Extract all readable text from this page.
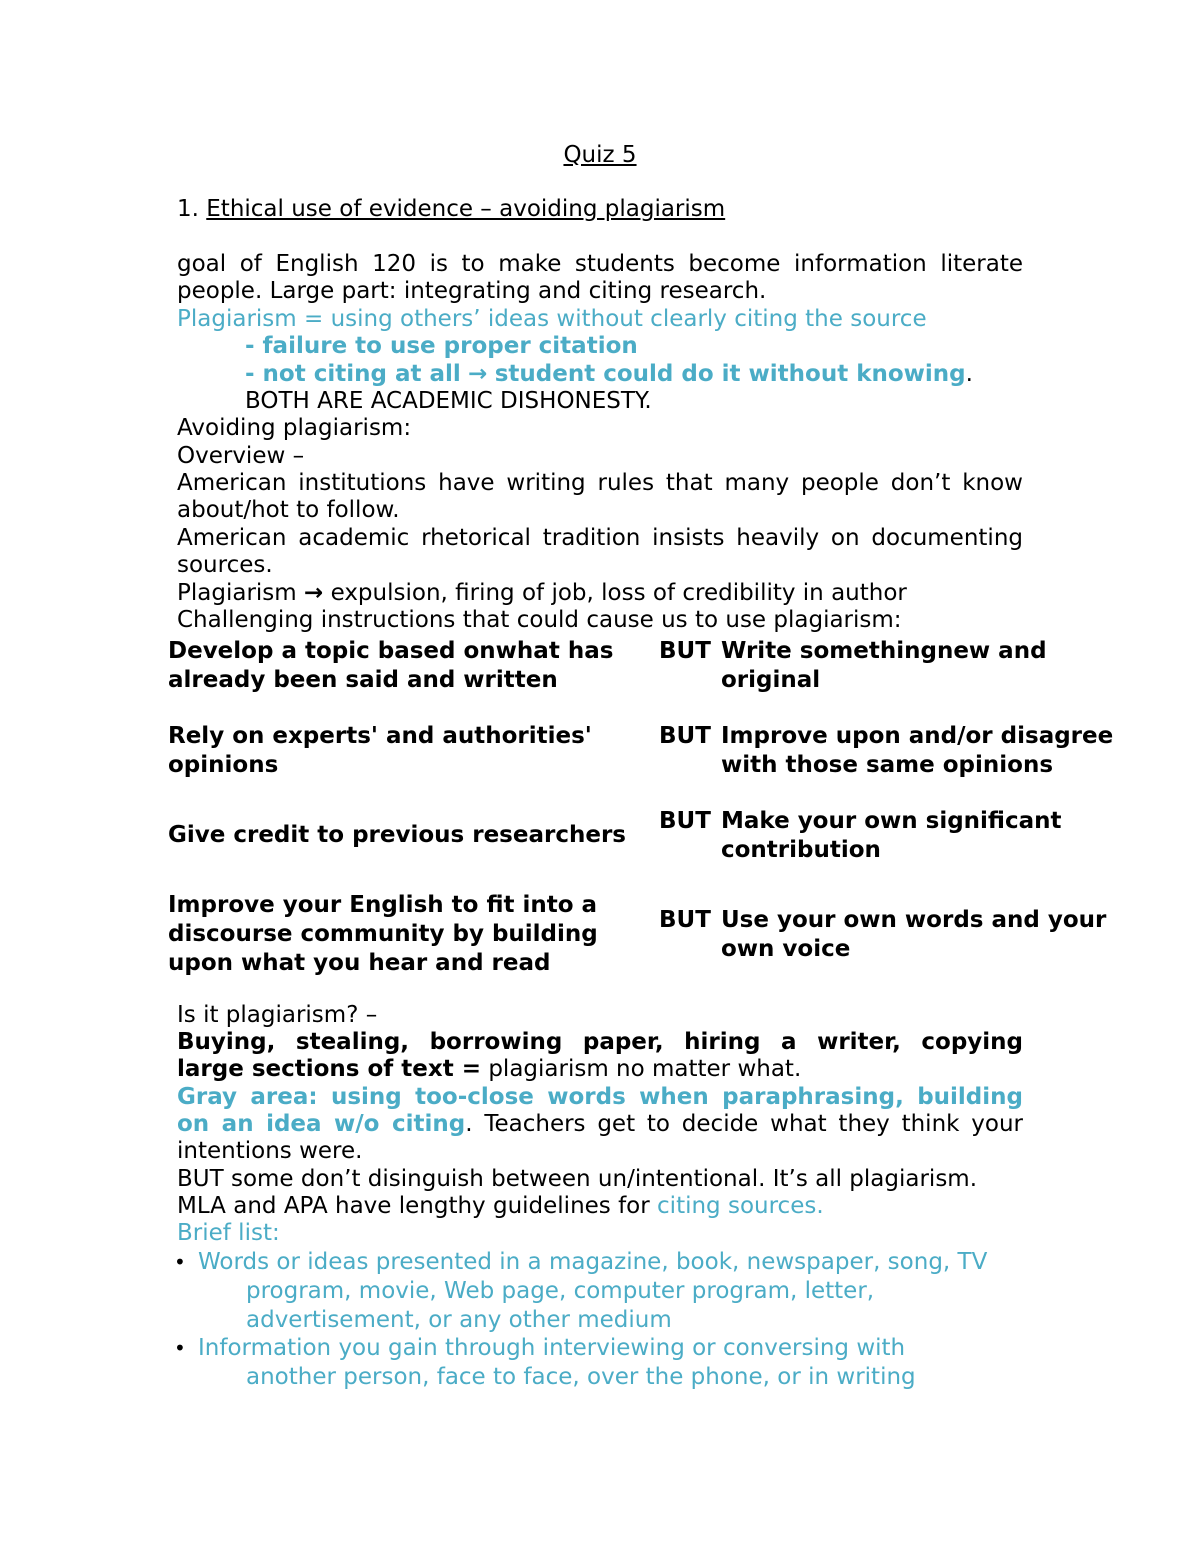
Quiz 5
1. Ethical use of evidence – avoiding plagiarism
goal of English 120 is to make students become information literate
people. Large part: integrating and citing research.
Plagiarism = using others’ ideas without clearly citing the source
- failure to use proper citation
- not citing at all → student could do it without knowing.
BOTH ARE ACADEMIC DISHONESTY.
Avoiding plagiarism:
Overview –
American institutions have writing rules that many people don’t know
about/hot to follow.
American academic rhetorical tradition insists heavily on documenting
sources.
Plagiarism → expulsion, firing of job, loss of credibility in author
Challenging instructions that could cause us to use plagiarism:
Develop a topic based onwhat has
already been said and written
BUT Write somethingnew and
original
Rely on experts' and authorities'
opinions
BUT Improve upon and/or disagree
with those same opinions
Give credit to previous researchers
BUT Make your own significant
contribution
Improve your English to fit into a
discourse community by building
upon what you hear and read
BUT Use your own words and your
own voice
Is it plagiarism? –
Buying, stealing, borrowing paper, hiring a writer, copying
large sections of text = plagiarism no matter what.
Gray area: using too-close words when paraphrasing, building
on an idea w/o citing. Teachers get to decide what they think your
intentions were.
BUT some don’t disinguish between un/intentional. It’s all plagiarism.
MLA and APA have lengthy guidelines for citing sources.
Brief list:
• Words or ideas presented in a magazine, book, newspaper, song, TV
program, movie, Web page, computer program, letter,
advertisement, or any other medium
• Information you gain through interviewing or conversing with
another person, face to face, over the phone, or in writing
